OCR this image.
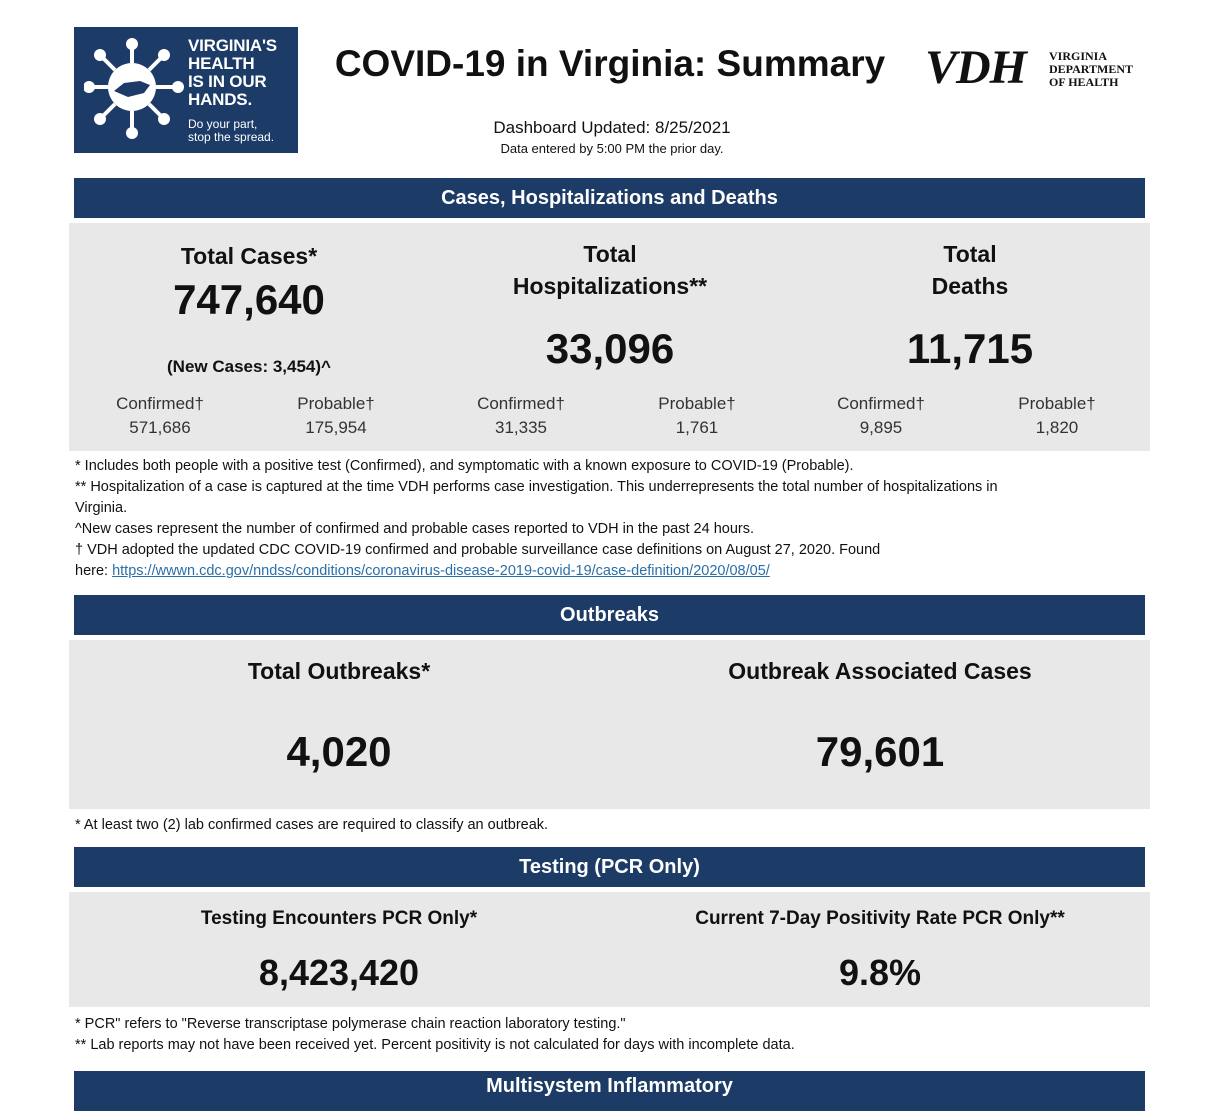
VIRGINIA'S
HEALTH
IS IN OUR
HANDS.
Do your part,
stop the spread.
COVID-19 in Virginia: Summary VDH VIRGINIA
DEPARTMENT
OF HEALTH
Dashboard Updated: 8/25/2021
Data entered by 5:00 PM the prior day.
Cases, Hospitalizations and Deaths
Total Cases*
747,640
(New Cases: 3,454)^
Confirmed†
571,686
Probable†
175,954
Total
Hospitalizations**
33,096
Confirmed†
31,335
Probable†
1,761
Total
Deaths
11,715
Confirmed†
9,895
Probable†
1,820
* Includes both people with a positive test (Confirmed), and symptomatic with a known exposure to COVID-19 (Probable).
** Hospitalization of a case is captured at the time VDH performs case investigation. This underrepresents the total number of hospitalizations in
Virginia.
^New cases represent the number of confirmed and probable cases reported to VDH in the past 24 hours.
† VDH adopted the updated CDC COVID-19 confirmed and probable surveillance case definitions on August 27, 2020. Found
here: https://wwwn.cdc.gov/nndss/conditions/coronavirus-disease-2019-covid-19/case-definition/2020/08/05/
Outbreaks
Total Outbreaks*
4,020
Outbreak Associated Cases
79,601
* At least two (2) lab confirmed cases are required to classify an outbreak.
Testing (PCR Only)
Testing Encounters PCR Only*
8,423,420
Current 7-Day Positivity Rate PCR Only**
9.8%
* PCR" refers to "Reverse transcriptase polymerase chain reaction laboratory testing."
** Lab reports may not have been received yet. Percent positivity is not calculated for days with incomplete data.
Multisystem Inflammatory
